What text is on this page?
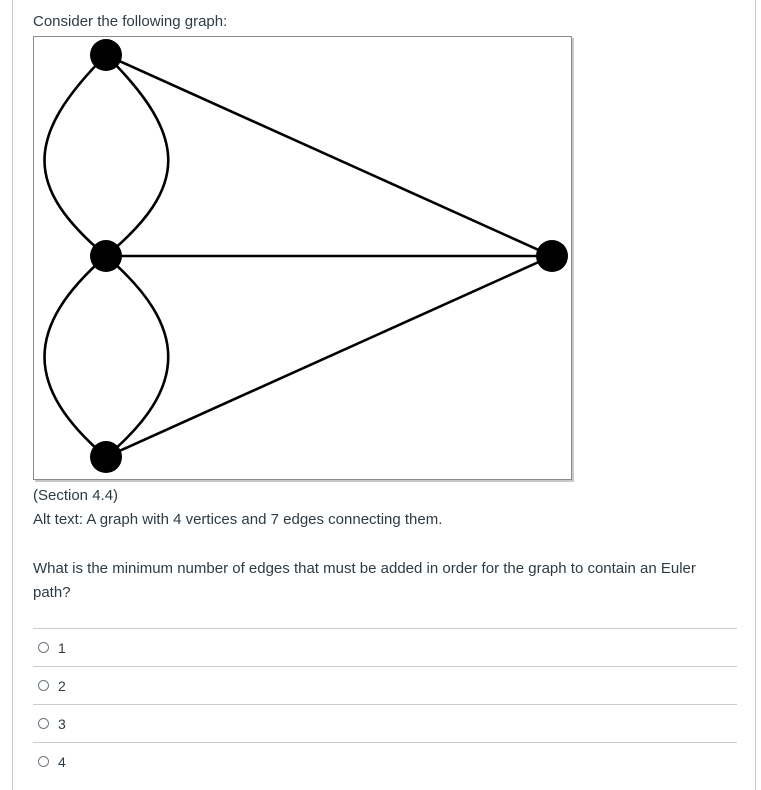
Consider the following graph:
(Section 4.4)
Alt text: A graph with 4 vertices and 7 edges connecting them.
What is the minimum number of edges that must be added in order for the graph to contain an Euler path?
1
2
3
4
